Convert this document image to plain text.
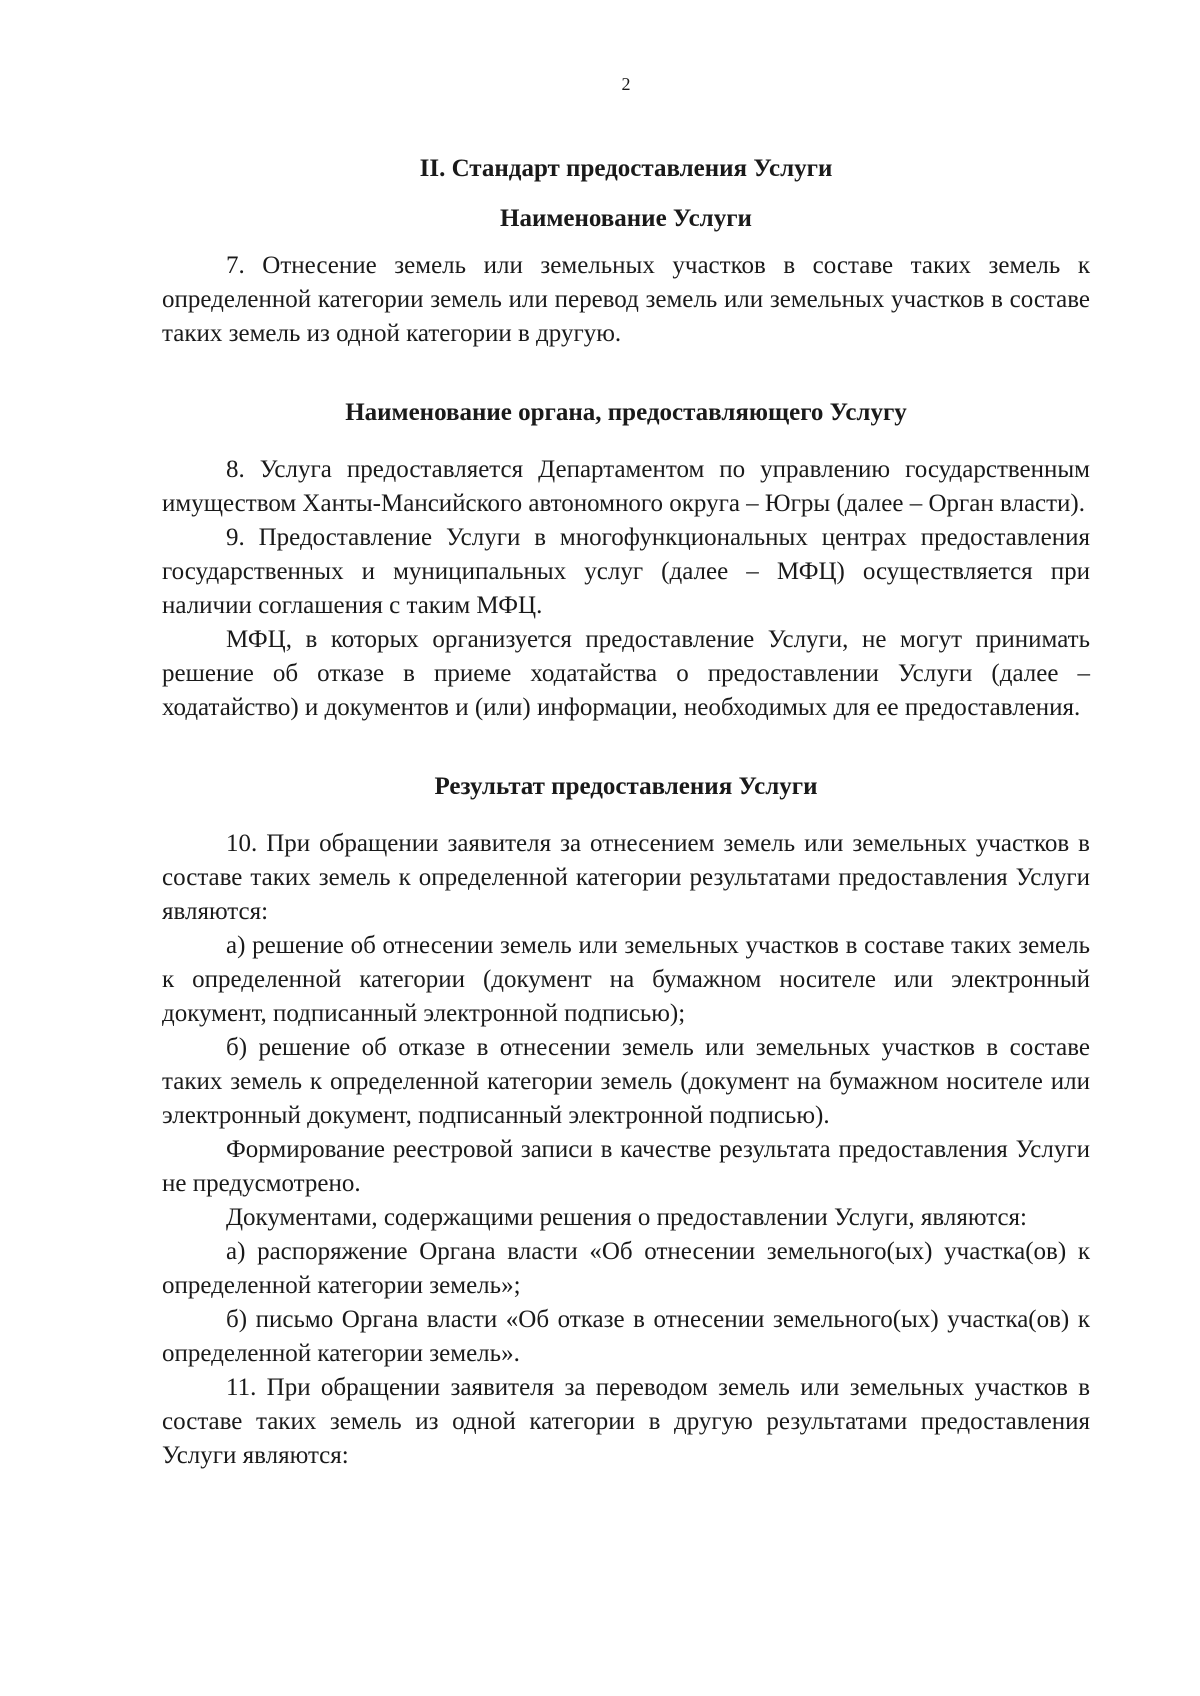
2
II. Стандарт предоставления Услуги
Наименование Услуги

7. Отнесение земель или земельных участков в составе таких земель к определенной категории земель или перевод земель или земельных участков в составе таких земель из одной категории в другую.

Наименование органа, предоставляющего Услугу

8. Услуга предоставляется Департаментом по управлению государственным имуществом Ханты-Мансийского автономного округа – Югры (далее – Орган власти).

9. Предоставление Услуги в многофункциональных центрах предоставления государственных и муниципальных услуг (далее – МФЦ) осуществляется при наличии соглашения с таким МФЦ.

МФЦ, в которых организуется предоставление Услуги, не могут принимать решение об отказе в приеме ходатайства о предоставлении Услуги (далее – ходатайство) и документов и (или) информации, необходимых для ее предоставления.

Результат предоставления Услуги

10. При обращении заявителя за отнесением земель или земельных участков в составе таких земель к определенной категории результатами предоставления Услуги являются:

а) решение об отнесении земель или земельных участков в составе таких земель к определенной категории (документ на бумажном носителе или электронный документ, подписанный электронной подписью);

б) решение об отказе в отнесении земель или земельных участков в составе таких земель к определенной категории земель (документ на бумажном носителе или электронный документ, подписанный электронной подписью).

Формирование реестровой записи в качестве результата предоставления Услуги не предусмотрено.

Документами, содержащими решения о предоставлении Услуги, являются:

а) распоряжение Органа власти «Об отнесении земельного(ых) участка(ов) к определенной категории земель»;

б) письмо Органа власти «Об отказе в отнесении земельного(ых) участка(ов) к определенной категории земель».

11. При обращении заявителя за переводом земель или земельных участков в составе таких земель из одной категории в другую результатами предоставления Услуги являются:
